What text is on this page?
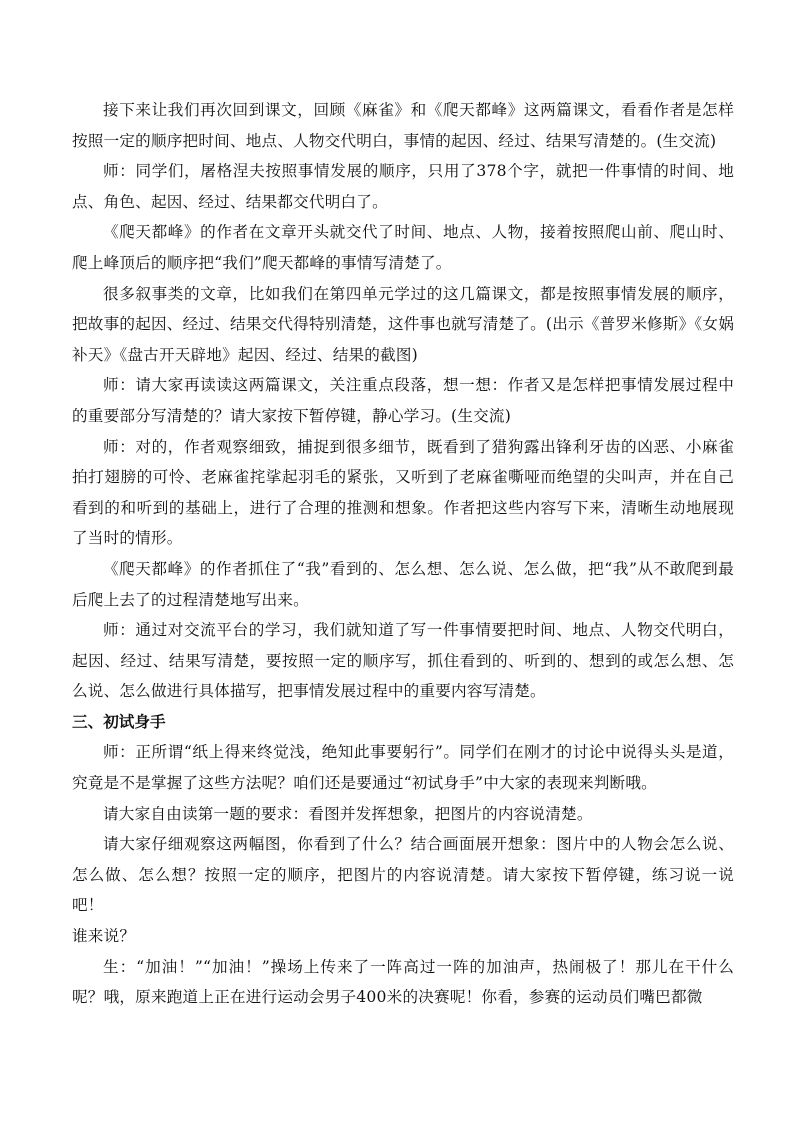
接下来让我们再次回到课文，回顾《麻雀》和《爬天都峰》这两篇课文，看看作者是怎样按照一定的顺序把时间、地点、人物交代明白，事情的起因、经过、结果写清楚的。(生交流)

师：同学们，屠格涅夫按照事情发展的顺序，只用了378个字，就把一件事情的时间、地点、角色、起因、经过、结果都交代明白了。

《爬天都峰》的作者在文章开头就交代了时间、地点、人物，接着按照爬山前、爬山时、爬上峰顶后的顺序把“我们”爬天都峰的事情写清楚了。

很多叙事类的文章，比如我们在第四单元学过的这几篇课文，都是按照事情发展的顺序，把故事的起因、经过、结果交代得特别清楚，这件事也就写清楚了。(出示《普罗米修斯》《女娲补天》《盘古开天辟地》起因、经过、结果的截图)

师：请大家再读读这两篇课文，关注重点段落，想一想：作者又是怎样把事情发展过程中的重要部分写清楚的？请大家按下暂停键，静心学习。(生交流)

师：对的，作者观察细致，捕捉到很多细节，既看到了猎狗露出锋利牙齿的凶恶、小麻雀拍打翅膀的可怜、老麻雀挓挲起羽毛的紧张，又听到了老麻雀嘶哑而绝望的尖叫声，并在自己看到的和听到的基础上，进行了合理的推测和想象。作者把这些内容写下来，清晰生动地展现了当时的情形。

《爬天都峰》的作者抓住了“我”看到的、怎么想、怎么说、怎么做，把“我”从不敢爬到最后爬上去了的过程清楚地写出来。

师：通过对交流平台的学习，我们就知道了写一件事情要把时间、地点、人物交代明白，起因、经过、结果写清楚，要按照一定的顺序写，抓住看到的、听到的、想到的或怎么想、怎么说、怎么做进行具体描写，把事情发展过程中的重要内容写清楚。

三、初试身手

师：正所谓“纸上得来终觉浅，绝知此事要躬行”。同学们在刚才的讨论中说得头头是道，究竟是不是掌握了这些方法呢？咱们还是要通过“初试身手”中大家的表现来判断哦。

请大家自由读第一题的要求：看图并发挥想象，把图片的内容说清楚。

请大家仔细观察这两幅图，你看到了什么？结合画面展开想象：图片中的人物会怎么说、怎么做、怎么想？按照一定的顺序，把图片的内容说清楚。请大家按下暂停键，练习说一说吧！

谁来说？

生：“加油！”“加油！”操场上传来了一阵高过一阵的加油声，热闹极了！那儿在干什么呢？哦，原来跑道上正在进行运动会男子400米的决赛呢！你看，参赛的运动员们嘴巴都微
